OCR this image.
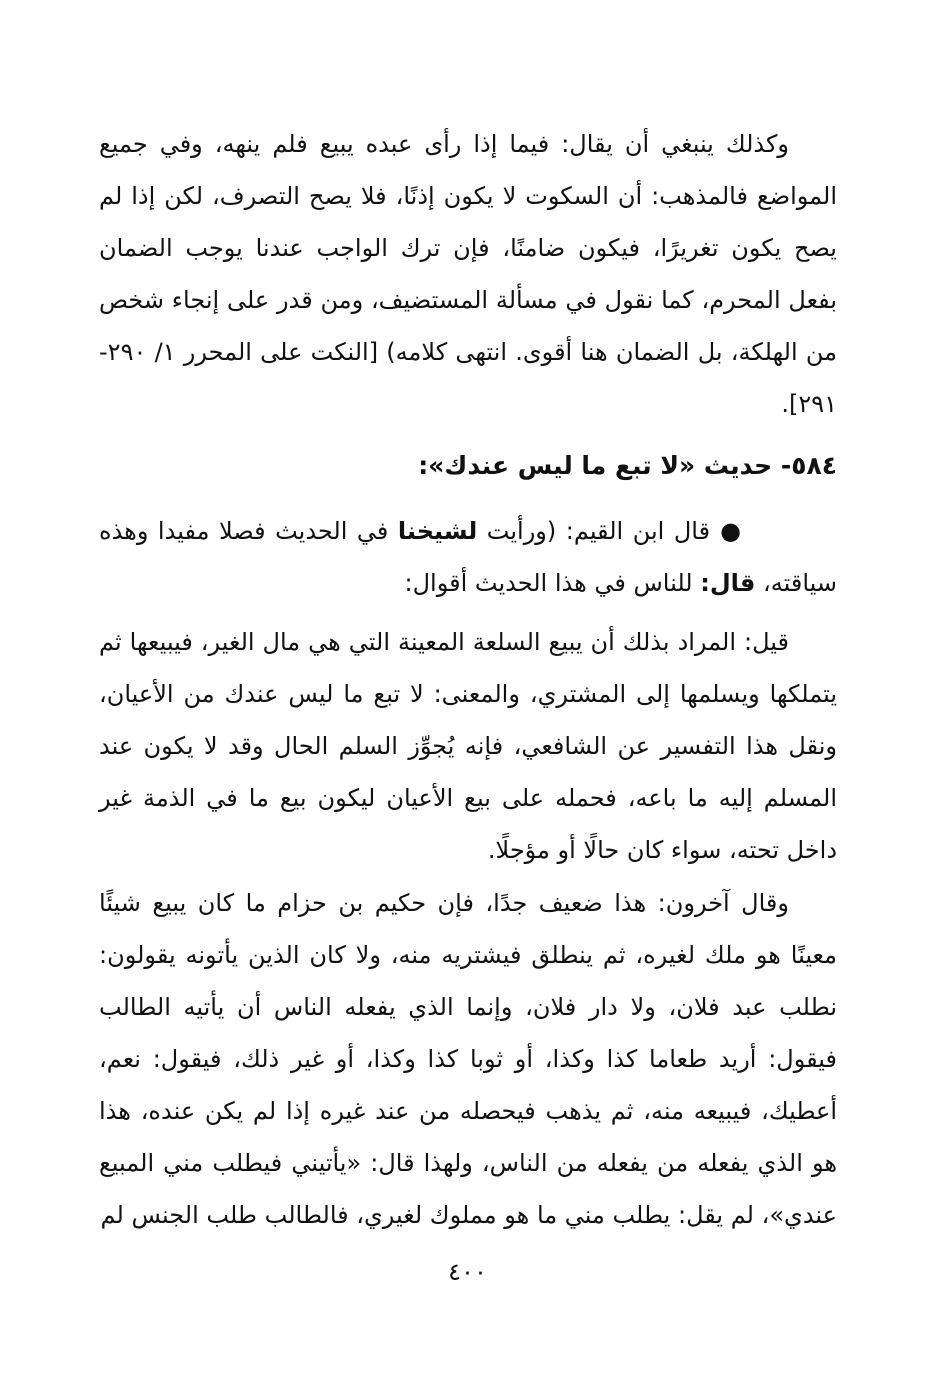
وكذلك ينبغي أن يقال: فيما إذا رأى عبده يبيع فلم ينهه، وفي جميع المواضع فالمذهب: أن السكوت لا يكون إذنًا، فلا يصح التصرف، لكن إذا لم يصح يكون تغريرًا، فيكون ضامنًا، فإن ترك الواجب عندنا يوجب الضمان بفعل المحرم، كما نقول في مسألة المستضيف، ومن قدر على إنجاء شخص من الهلكة، بل الضمان هنا أقوى. انتهى كلامه) [النكت على المحرر ١/ ٢٩٠- ٢٩١].

٥٨٤- حديث «لا تبع ما ليس عندك»:

●قال ابن القيم: (ورأيت لشيخنا في الحديث فصلا مفيدا وهذه سياقته، قال: للناس في هذا الحديث أقوال:

قيل: المراد بذلك أن يبيع السلعة المعينة التي هي مال الغير، فيبيعها ثم يتملكها ويسلمها إلى المشتري، والمعنى: لا تبع ما ليس عندك من الأعيان، ونقل هذا التفسير عن الشافعي، فإنه يُجوِّز السلم الحال وقد لا يكون عند المسلم إليه ما باعه، فحمله على بيع الأعيان ليكون بيع ما في الذمة غير داخل تحته، سواء كان حالًا أو مؤجلًا.

وقال آخرون: هذا ضعيف جدًا، فإن حكيم بن حزام ما كان يبيع شيئًا معينًا هو ملك لغيره، ثم ينطلق فيشتريه منه، ولا كان الذين يأتونه يقولون: نطلب عبد فلان، ولا دار فلان، وإنما الذي يفعله الناس أن يأتيه الطالب فيقول: أريد طعاما كذا وكذا، أو ثوبا كذا وكذا، أو غير ذلك، فيقول: نعم، أعطيك، فيبيعه منه، ثم يذهب فيحصله من عند غيره إذا لم يكن عنده، هذا هو الذي يفعله من يفعله من الناس، ولهذا قال: «يأتيني فيطلب مني المبيع عندي»، لم يقل: يطلب مني ما هو مملوك لغيري، فالطالب طلب الجنس لم

٤٠٠
